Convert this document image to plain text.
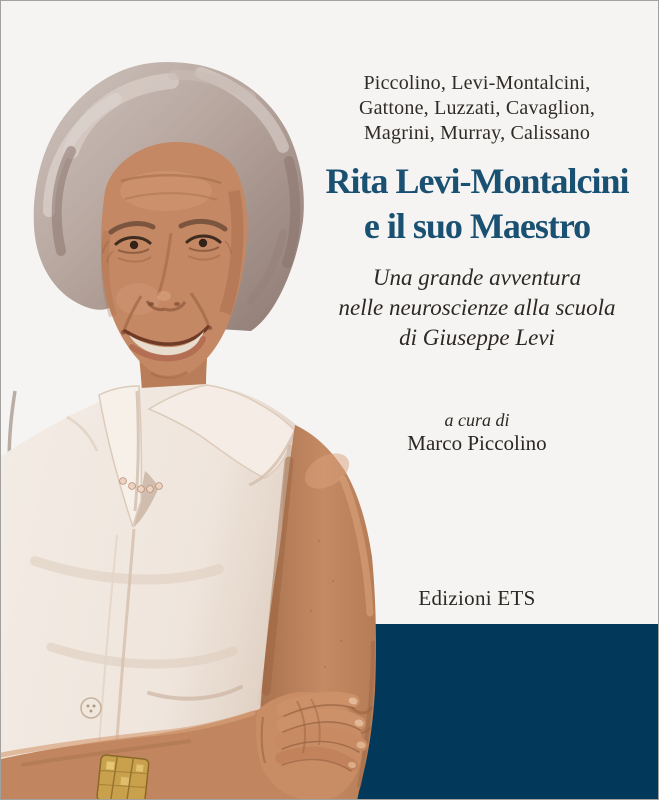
Piccolino, Levi-Montalcini,
Gattone, Luzzati, Cavaglion,
Magrini, Murray, Calissano
Rita Levi-Montalcini
e il suo Maestro
Una grande avventura
nelle neuroscienze alla scuola
di Giuseppe Levi
a cura di
Marco Piccolino
Edizioni ETS
